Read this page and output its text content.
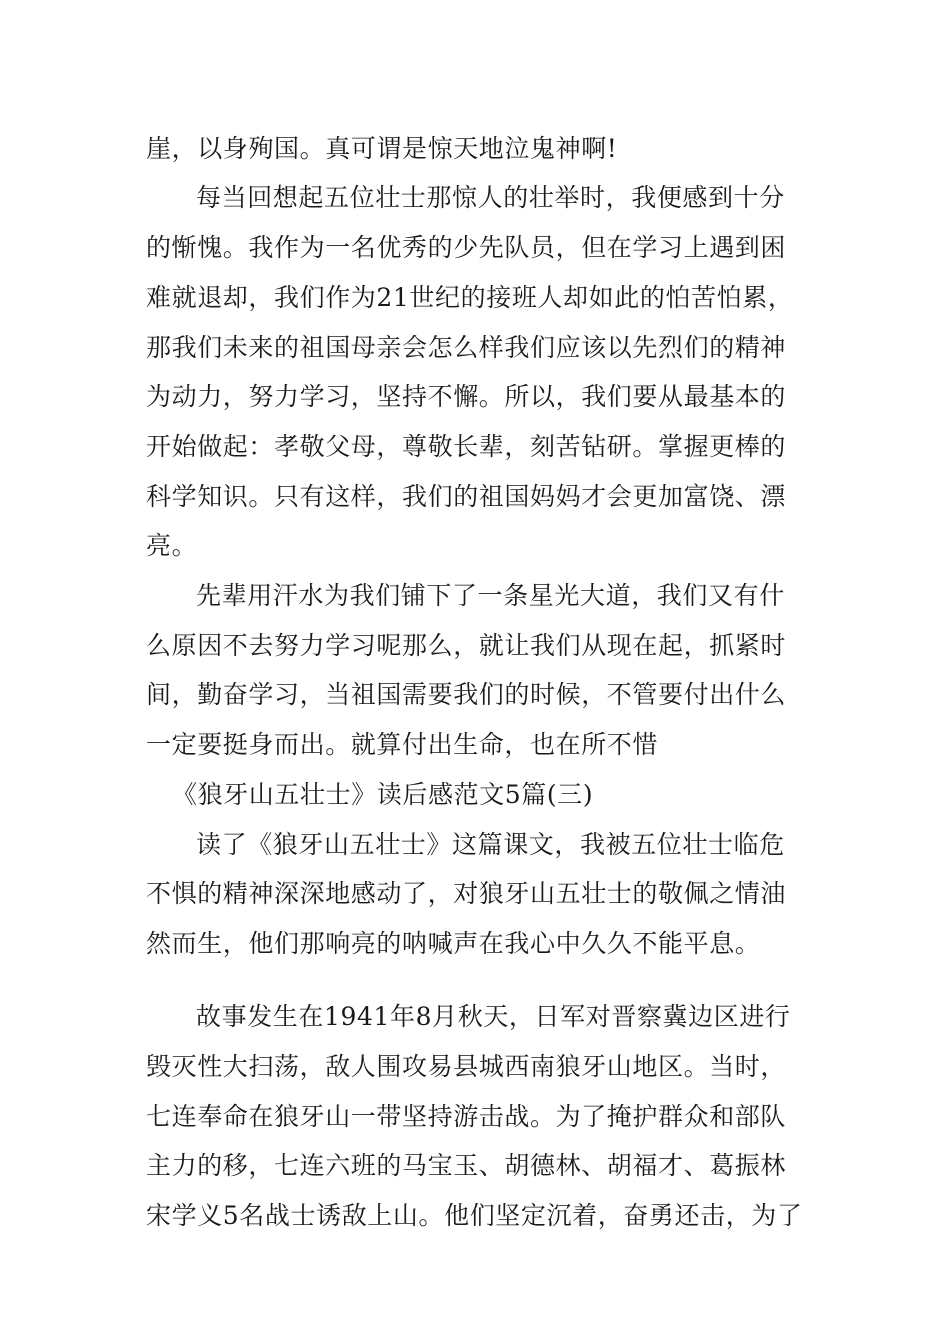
崖，以身殉国。真可谓是惊天地泣鬼神啊!

每当回想起五位壮士那惊人的壮举时，我便感到十分

的惭愧。我作为一名优秀的少先队员，但在学习上遇到困

难就退却，我们作为21世纪的接班人却如此的怕苦怕累，

那我们未来的祖国母亲会怎么样我们应该以先烈们的精神

为动力，努力学习，坚持不懈。所以，我们要从最基本的

开始做起：孝敬父母，尊敬长辈，刻苦钻研。掌握更棒的

科学知识。只有这样，我们的祖国妈妈才会更加富饶、漂

亮。

先辈用汗水为我们铺下了一条星光大道，我们又有什

么原因不去努力学习呢那么，就让我们从现在起，抓紧时

间，勤奋学习，当祖国需要我们的时候，不管要付出什么

一定要挺身而出。就算付出生命，也在所不惜

《狼牙山五壮士》读后感范文5篇(三)

读了《狼牙山五壮士》这篇课文，我被五位壮士临危

不惧的精神深深地感动了，对狼牙山五壮士的敬佩之情油

然而生，他们那响亮的呐喊声在我心中久久不能平息。

故事发生在1941年8月秋天，日军对晋察冀边区进行

毁灭性大扫荡，敌人围攻易县城西南狼牙山地区。当时，

七连奉命在狼牙山一带坚持游击战。为了掩护群众和部队

主力的移，七连六班的马宝玉、胡德林、胡福才、葛振林

宋学义5名战士诱敌上山。他们坚定沉着，奋勇还击，为了
